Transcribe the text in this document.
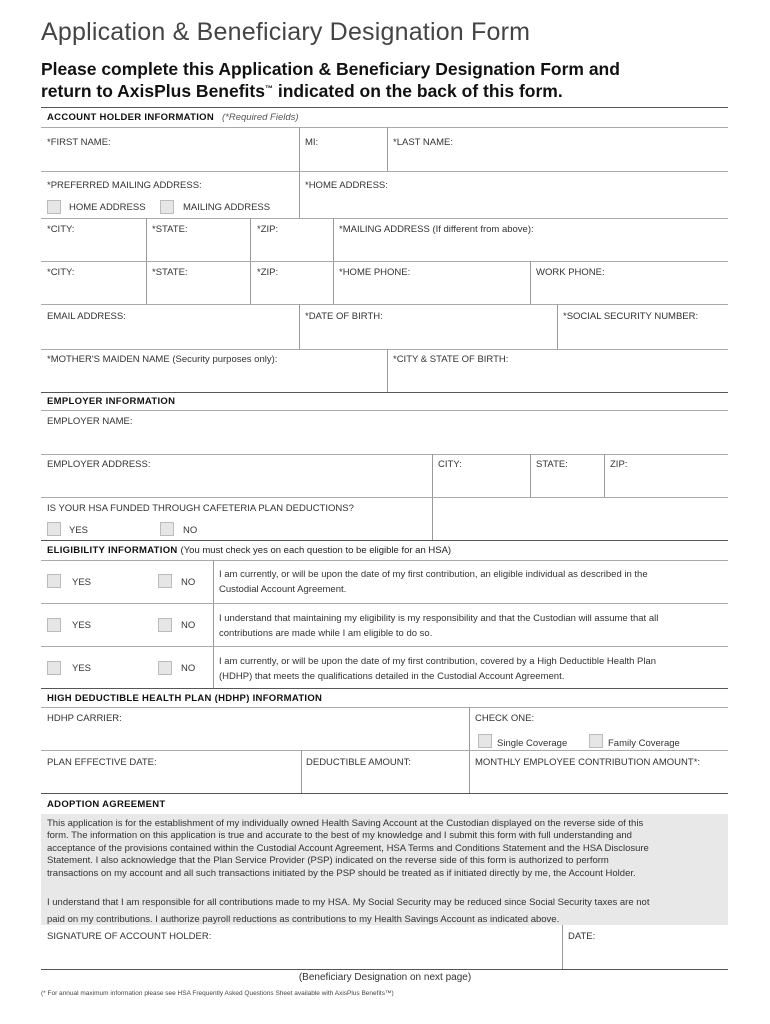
Application & Beneficiary Designation Form
Please complete this Application & Beneficiary Designation Form and
return to AxisPlus Benefits™ indicated on the back of this form.
ACCOUNT HOLDER INFORMATION (*Required Fields)
*FIRST NAME:	MI:	*LAST NAME:
*PREFERRED MAILING ADDRESS:	*HOME ADDRESS:
HOME ADDRESS	MAILING ADDRESS
*CITY:	*STATE:	*ZIP:	*MAILING ADDRESS (If different from above):
*CITY:	*STATE:	*ZIP:	*HOME PHONE:	WORK PHONE:
EMAIL ADDRESS:	*DATE OF BIRTH:	*SOCIAL SECURITY NUMBER:
*MOTHER'S MAIDEN NAME (Security purposes only):	*CITY & STATE OF BIRTH:
EMPLOYER INFORMATION
EMPLOYER NAME:
EMPLOYER ADDRESS:	CITY:	STATE:	ZIP:
IS YOUR HSA FUNDED THROUGH CAFETERIA PLAN DEDUCTIONS?
YES	NO
ELIGIBILITY INFORMATION (You must check yes on each question to be eligible for an HSA)
YES	NO
I am currently, or will be upon the date of my first contribution, an eligible individual as described in the
Custodial Account Agreement.
YES	NO
I understand that maintaining my eligibility is my responsibility and that the Custodian will assume that all
contributions are made while I am eligible to do so.
YES	NO
I am currently, or will be upon the date of my first contribution, covered by a High Deductible Health Plan
(HDHP) that meets the qualifications detailed in the Custodial Account Agreement.
HIGH DEDUCTIBLE HEALTH PLAN (HDHP) INFORMATION
HDHP CARRIER:	CHECK ONE:
Single Coverage	Family Coverage
PLAN EFFECTIVE DATE:	DEDUCTIBLE AMOUNT:	MONTHLY EMPLOYEE CONTRIBUTION AMOUNT*:
ADOPTION AGREEMENT
This application is for the establishment of my individually owned Health Saving Account at the Custodian displayed on the reverse side of this
form. The information on this application is true and accurate to the best of my knowledge and I submit this form with full understanding and
acceptance of the provisions contained within the Custodial Account Agreement, HSA Terms and Conditions Statement and the HSA Disclosure
Statement. I also acknowledge that the Plan Service Provider (PSP) indicated on the reverse side of this form is authorized to perform
transactions on my account and all such transactions initiated by the PSP should be treated as if initiated directly by me, the Account Holder.
I understand that I am responsible for all contributions made to my HSA. My Social Security may be reduced since Social Security taxes are not
paid on my contributions. I authorize payroll reductions as contributions to my Health Savings Account as indicated above.
SIGNATURE OF ACCOUNT HOLDER:	DATE:
(Beneficiary Designation on next page)
(* For annual maximum information please see HSA Frequently Asked Questions Sheet available with AxisPlus Benefits™)
